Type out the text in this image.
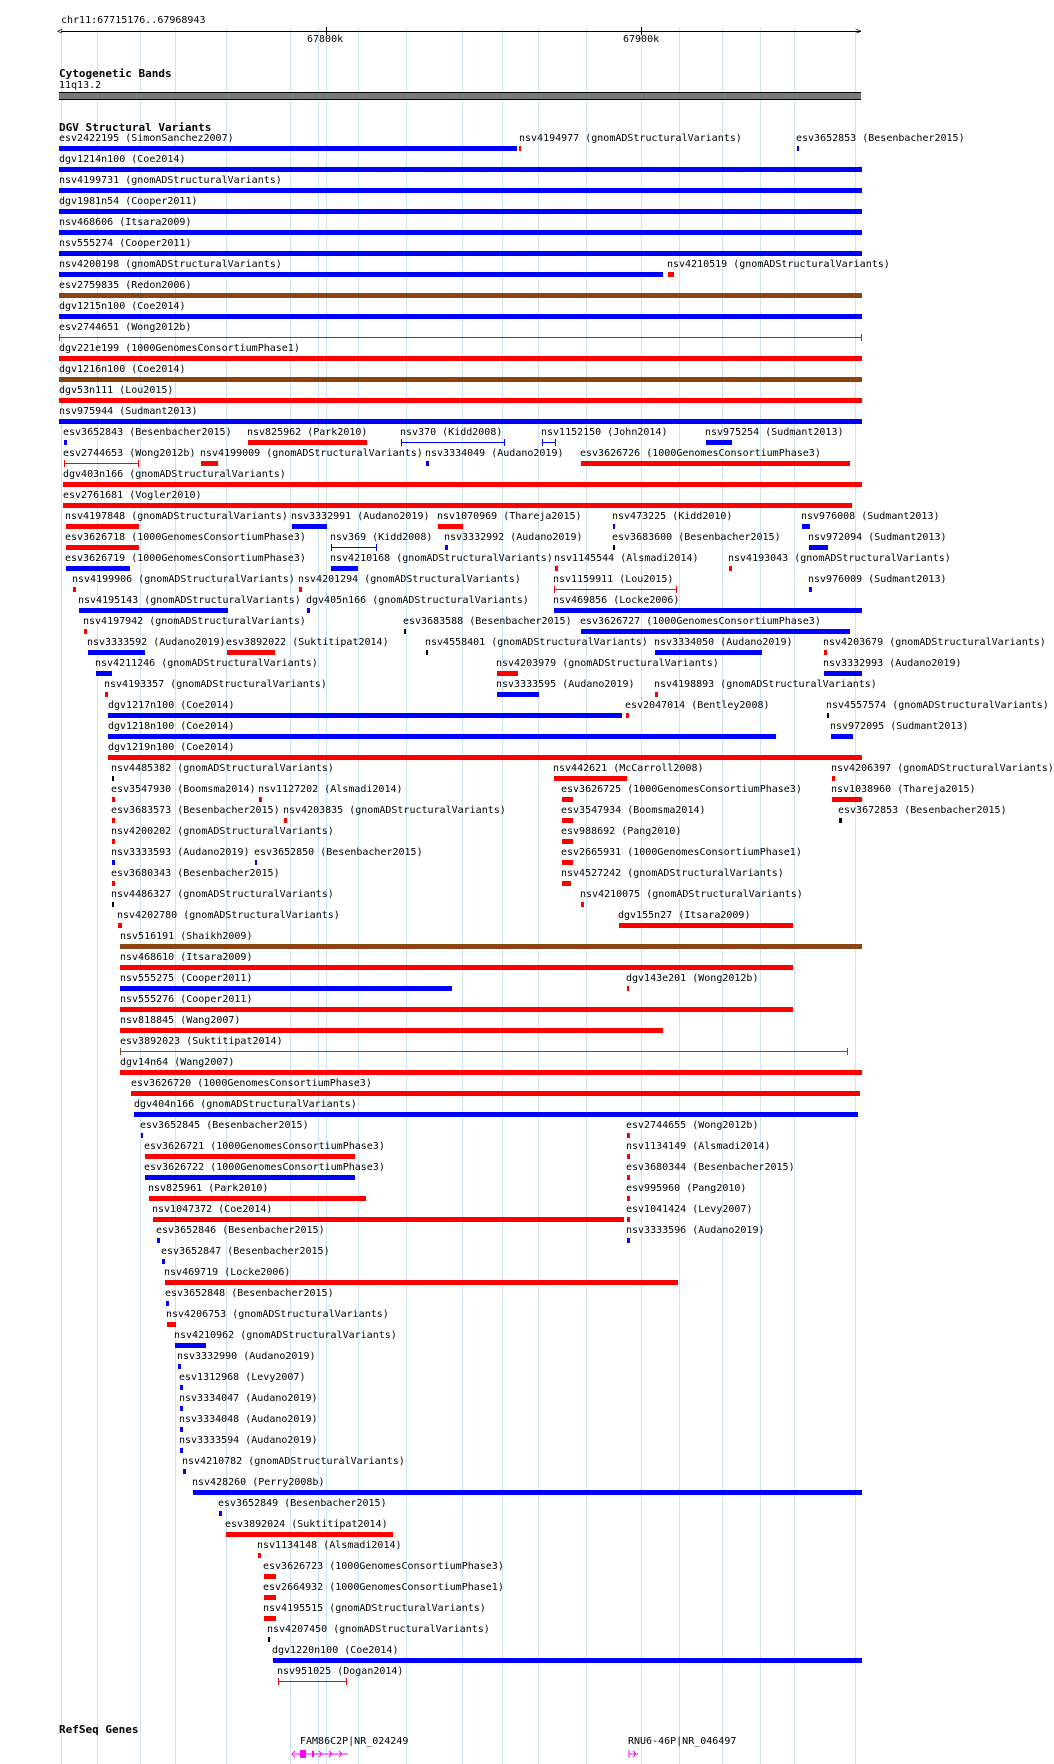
chr11:67715176..67968943
<	>
67800k	67900k
Cytogenetic Bands
11q13.2
DGV Structural Variants
esv2422195 (SimonSanchez2007)	nsv4194977 (gnomADStructuralVariants)	esv3652853 (Besenbacher2015)
dgv1214n100 (Coe2014)
nsv4199731 (gnomADStructuralVariants)
dgv1981n54 (Cooper2011)
nsv468606 (Itsara2009)
nsv555274 (Cooper2011)
nsv4200198 (gnomADStructuralVariants)	nsv4210519 (gnomADStructuralVariants)
esv2759835 (Redon2006)
dgv1215n100 (Coe2014)
esv2744651 (Wong2012b)
dgv221e199 (1000GenomesConsortiumPhase1)
dgv1216n100 (Coe2014)
dgv53n111 (Lou2015)
nsv975944 (Sudmant2013)
esv3652843 (Besenbacher2015) nsv825962 (Park2010)	nsv370 (Kidd2008)	nsv1152150 (John2014)	nsv975254 (Sudmant2013)
esv2744653 (Wong2012b) nsv4199009 (gnomADStructuralVariants) nsv3334049 (Audano2019) esv3626726 (1000GenomesConsortiumPhase3)
dgv403n166 (gnomADStructuralVariants)
esv2761681 (Vogler2010)
nsv4197848 (gnomADStructuralVariants) nsv3332991 (Audano2019) nsv1070969 (Thareja2015)	nsv473225 (Kidd2010)	nsv976008 (Sudmant2013)
esv3626718 (1000GenomesConsortiumPhase3) nsv369 (Kidd2008) nsv3332992 (Audano2019)	esv3683600 (Besenbacher2015)	nsv972094 (Sudmant2013)
esv3626719 (1000GenomesConsortiumPhase3) nsv4210168 (gnomADStructuralVariants) nsv1145544 (Alsmadi2014)	nsv4193043 (gnomADStructuralVariants)
nsv4199906 (gnomADStructuralVariants) nsv4201294 (gnomADStructuralVariants)	nsv1159911 (Lou2015)	nsv976009 (Sudmant2013)
nsv4195143 (gnomADStructuralVariants) dgv405n166 (gnomADStructuralVariants) nsv469856 (Locke2006)
nsv4197942 (gnomADStructuralVariants)	esv3683588 (Besenbacher2015) esv3626727 (1000GenomesConsortiumPhase3)
nsv3333592 (Audano2019) esv3892022 (Suktitipat2014)	nsv4558401 (gnomADStructuralVariants) nsv3334050 (Audano2019)	nsv4203679 (gnomADStructuralVariants)
nsv4211246 (gnomADStructuralVariants)	nsv4203979 (gnomADStructuralVariants)	nsv3332993 (Audano2019)
nsv4193357 (gnomADStructuralVariants)	nsv3333595 (Audano2019) nsv4198893 (gnomADStructuralVariants)
dgv1217n100 (Coe2014)	esv2047014 (Bentley2008)	nsv4557574 (gnomADStructuralVariants)
dgv1218n100 (Coe2014)	nsv972095 (Sudmant2013)
dgv1219n100 (Coe2014)
nsv4485382 (gnomADStructuralVariants)	nsv442621 (McCarroll2008)	nsv4206397 (gnomADStructuralVariants)
esv3547930 (Boomsma2014) nsv1127202 (Alsmadi2014)	esv3626725 (1000GenomesConsortiumPhase3)	nsv1038960 (Thareja2015)
esv3683573 (Besenbacher2015) nsv4203835 (gnomADStructuralVariants)	esv3547934 (Boomsma2014)	esv3672853 (Besenbacher2015)
nsv4200202 (gnomADStructuralVariants)	esv988692 (Pang2010)
nsv3333593 (Audano2019) esv3652850 (Besenbacher2015)	esv2665931 (1000GenomesConsortiumPhase1)
esv3680343 (Besenbacher2015)	nsv4527242 (gnomADStructuralVariants)
nsv4486327 (gnomADStructuralVariants)	nsv4210075 (gnomADStructuralVariants)
nsv4202780 (gnomADStructuralVariants)	dgv155n27 (Itsara2009)
nsv516191 (Shaikh2009)
nsv468610 (Itsara2009)
nsv555275 (Cooper2011)	dgv143e201 (Wong2012b)
nsv555276 (Cooper2011)
nsv818845 (Wang2007)
esv3892023 (Suktitipat2014)
dgv14n64 (Wang2007)
esv3626720 (1000GenomesConsortiumPhase3)
dgv404n166 (gnomADStructuralVariants)
esv3652845 (Besenbacher2015)	esv2744655 (Wong2012b)
esv3626721 (1000GenomesConsortiumPhase3)	nsv1134149 (Alsmadi2014)
esv3626722 (1000GenomesConsortiumPhase3)	esv3680344 (Besenbacher2015)
nsv825961 (Park2010)	esv995960 (Pang2010)
nsv1047372 (Coe2014)	esv1041424 (Levy2007)
esv3652846 (Besenbacher2015)	nsv3333596 (Audano2019)
esv3652847 (Besenbacher2015)
nsv469719 (Locke2006)
esv3652848 (Besenbacher2015)
nsv4206753 (gnomADStructuralVariants)
nsv4210962 (gnomADStructuralVariants)
nsv3332990 (Audano2019)
esv1312968 (Levy2007)
nsv3334047 (Audano2019)
nsv3334048 (Audano2019)
nsv3333594 (Audano2019)
nsv4210782 (gnomADStructuralVariants)
nsv428260 (Perry2008b)
esv3652849 (Besenbacher2015)
esv3892024 (Suktitipat2014)
nsv1134148 (Alsmadi2014)
esv3626723 (1000GenomesConsortiumPhase3)
esv2664932 (1000GenomesConsortiumPhase1)
nsv4195515 (gnomADStructuralVariants)
nsv4207450 (gnomADStructuralVariants)
dgv1220n100 (Coe2014)
nsv951025 (Dogan2014)
RefSeq Genes
FAM86C2P|NR_024249	RNU6-46P|NR_046497
